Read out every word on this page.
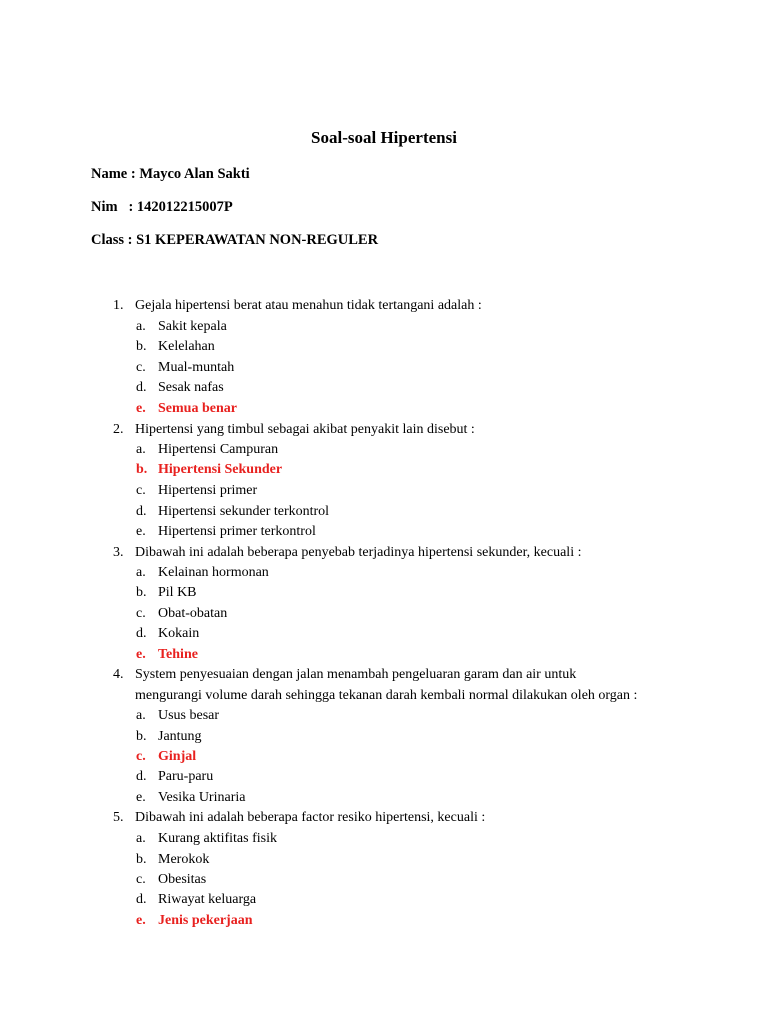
Soal-soal Hipertensi
Name : Mayco Alan Sakti
Nim   : 142012215007P
Class : S1 KEPERAWATAN NON-REGULER
1. Gejala hipertensi berat atau menahun tidak tertangani adalah :
a. Sakit kepala
b. Kelelahan
c. Mual-muntah
d. Sesak nafas
e. Semua benar
2. Hipertensi yang timbul sebagai akibat penyakit lain disebut :
a. Hipertensi Campuran
b. Hipertensi Sekunder
c. Hipertensi primer
d. Hipertensi sekunder terkontrol
e. Hipertensi primer terkontrol
3. Dibawah ini adalah beberapa penyebab terjadinya hipertensi sekunder, kecuali :
a. Kelainan hormonan
b. Pil KB
c. Obat-obatan
d. Kokain
e. Tehine
4. System penyesuaian dengan jalan menambah pengeluaran garam dan air untuk
mengurangi volume darah sehingga tekanan darah kembali normal dilakukan oleh organ :
a. Usus besar
b. Jantung
c. Ginjal
d. Paru-paru
e. Vesika Urinaria
5. Dibawah ini adalah beberapa factor resiko hipertensi, kecuali :
a. Kurang aktifitas fisik
b. Merokok
c. Obesitas
d. Riwayat keluarga
e. Jenis pekerjaan
